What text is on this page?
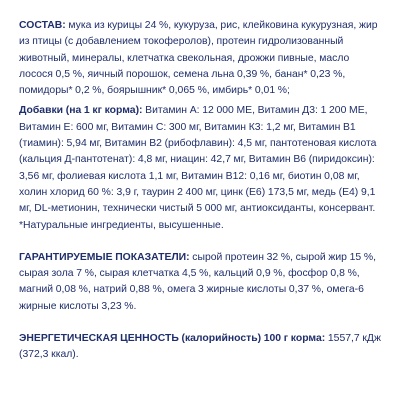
СОСТАВ: мука из курицы 24 %, кукуруза, рис, клейковина кукурузная, жир из птицы (с добавлением токоферолов), протеин гидролизованный животный, минералы, клетчатка свекольная, дрожжи пивные, масло лосося 0,5 %, яичный порошок, семена льна 0,39 %, банан* 0,23 %, помидоры* 0,2 %, боярышник* 0,065 %, имбирь* 0,01 %;

Добавки (на 1 кг корма): Витамин А: 12 000 МЕ, Витамин Д3: 1 200 МЕ, Витамин Е: 600 мг, Витамин С: 300 мг, Витамин К3: 1,2 мг, Витамин В1 (тиамин): 5,94 мг, Витамин В2 (рибофлавин): 4,5 мг, пантотеновая кислота (кальция Д-пантотенат): 4,8 мг, ниацин: 42,7 мг, Витамин В6 (пиридоксин): 3,56 мг, фолиевая кислота 1,1 мг, Витамин В12: 0,16 мг, биотин 0,08 мг, холин хлорид 60 %: 3,9 г, таурин 2 400 мг, цинк (E6) 173,5 мг, медь (E4) 9,1 мг, DL-метионин, технически чистый 5 000 мг, антиоксиданты, консервант. *Натуральные ингредиенты, высушенные.

ГАРАНТИРУЕМЫЕ ПОКАЗАТЕЛИ: сырой протеин 32 %, сырой жир 15 %, сырая зола 7 %, сырая клетчатка 4,5 %, кальций 0,9 %, фосфор 0,8 %, магний 0,08 %, натрий 0,88 %, омега 3 жирные кислоты 0,37 %, омега-6 жирные кислоты 3,23 %.

ЭНЕРГЕТИЧЕСКАЯ ЦЕННОСТЬ (калорийность) 100 г корма: 1557,7 кДж (372,3 ккал).
